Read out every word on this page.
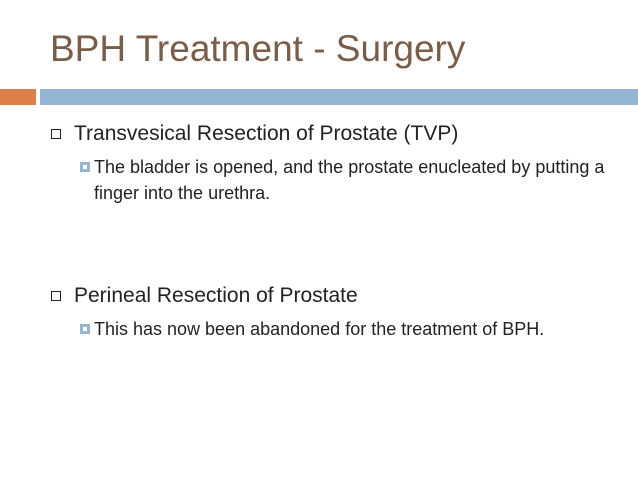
BPH Treatment - Surgery
Transvesical Resection of Prostate (TVP)
The bladder is opened, and the prostate enucleated by putting a finger into the urethra.
Perineal Resection of Prostate
This has now been abandoned for the treatment of BPH.
